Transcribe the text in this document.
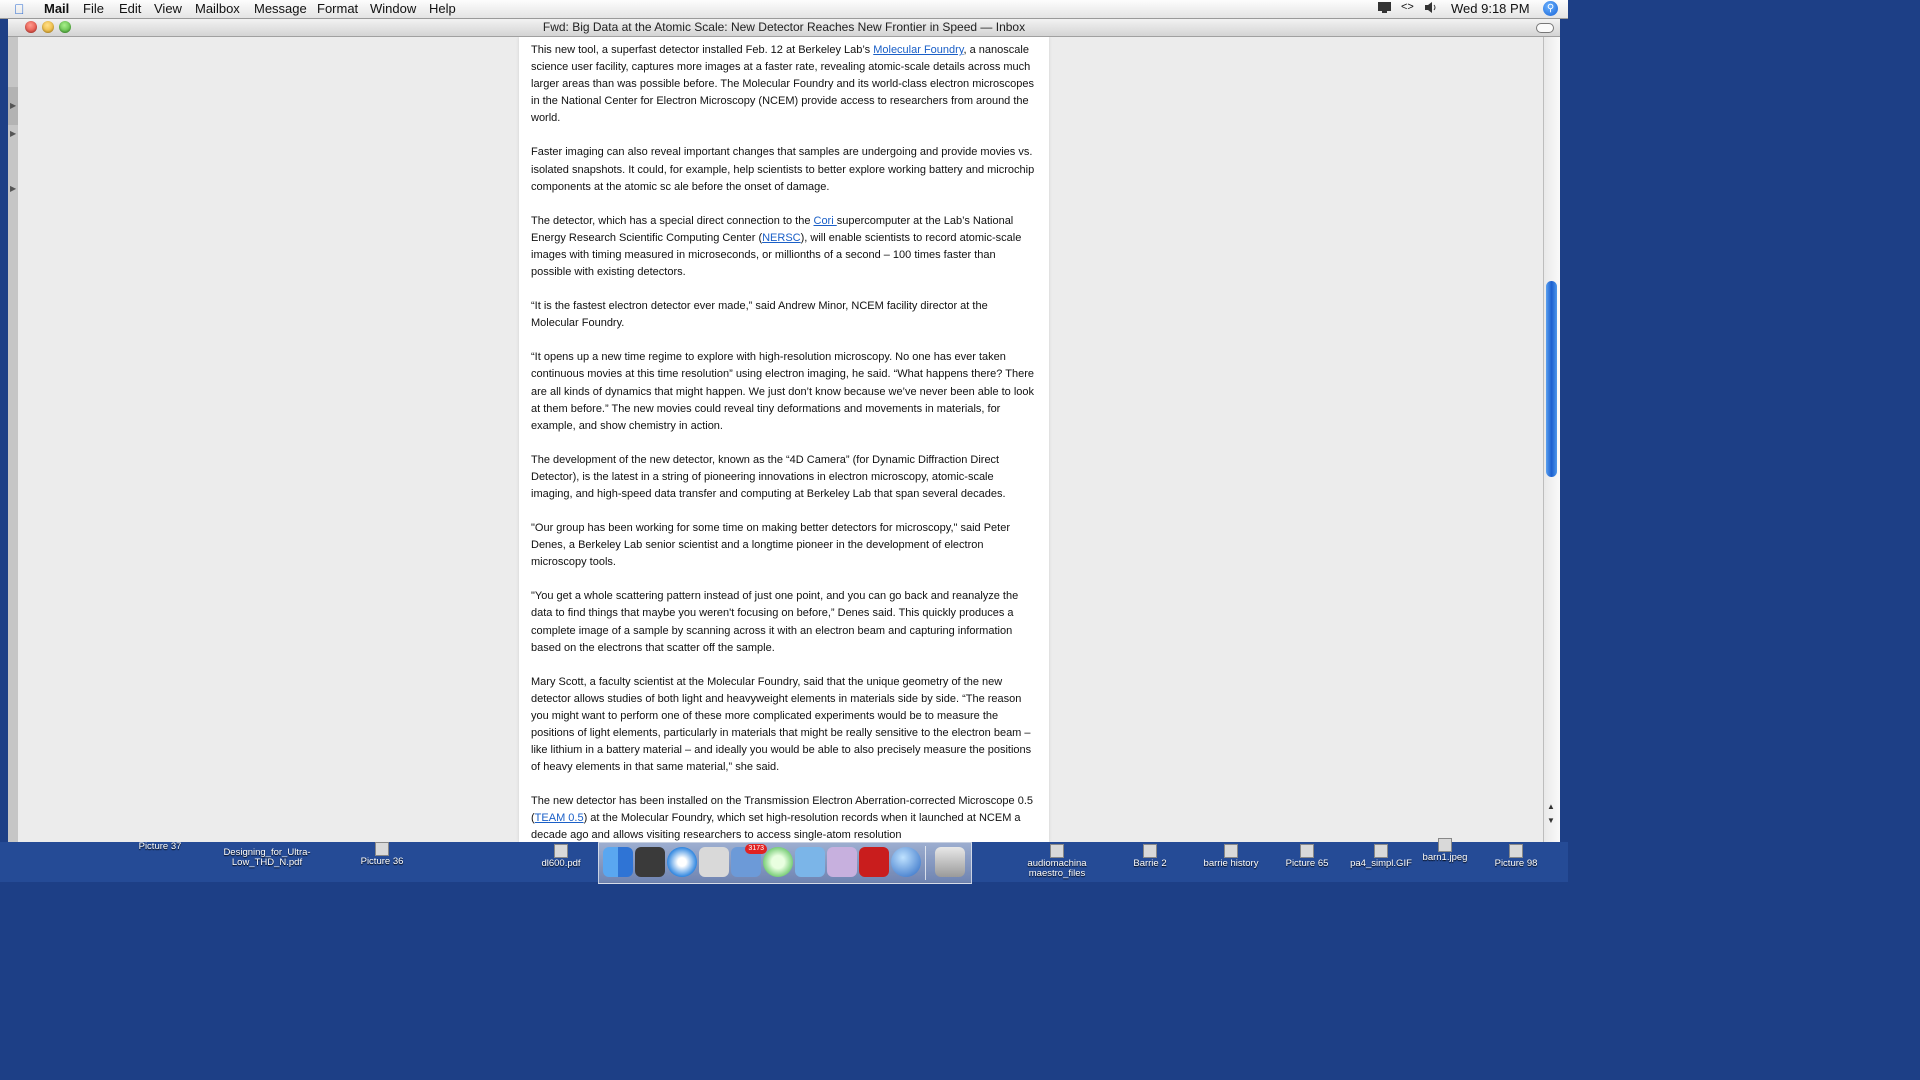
Mail File Edit View Mailbox Message Format Window Help	<>	Wed 9:18 PM	⚲
Fwd: Big Data at the Atomic Scale: New Detector Reaches New Frontier in Speed — Inbox
▶
▶
▶

This new tool, a superfast detector installed Feb. 12 at Berkeley Lab’s Molecular Foundry, a nanoscale science user facility, captures more images at a faster rate, revealing atomic-scale details across much larger areas than was possible before. The Molecular Foundry and its world-class electron microscopes in the National Center for Electron Microscopy (NCEM) provide access to researchers from around the world.

Faster imaging can also reveal important changes that samples are undergoing and provide movies vs. isolated snapshots. It could, for example, help scientists to better explore working battery and microchip components at the atomic sc ale before the onset of damage.

The detector, which has a special direct connection to the Cori supercomputer at the Lab’s National Energy Research Scientific Computing Center (NERSC), will enable scientists to record atomic-scale images with timing measured in microseconds, or millionths of a second – 100 times faster than possible with existing detectors.

“It is the fastest electron detector ever made,” said Andrew Minor, NCEM facility director at the Molecular Foundry.

“It opens up a new time regime to explore with high-resolution microscopy. No one has ever taken continuous movies at this time resolution” using electron imaging, he said. “What happens there? There are all kinds of dynamics that might happen. We just don’t know because we’ve never been able to look at them before.” The new movies could reveal tiny deformations and movements in materials, for example, and show chemistry in action.

The development of the new detector, known as the “4D Camera” (for Dynamic Diffraction Direct Detector), is the latest in a string of pioneering innovations in electron microscopy, atomic-scale imaging, and high-speed data transfer and computing at Berkeley Lab that span several decades.

"Our group has been working for some time on making better detectors for microscopy," said Peter Denes, a Berkeley Lab senior scientist and a longtime pioneer in the development of electron microscopy tools.

"You get a whole scattering pattern instead of just one point, and you can go back and reanalyze the data to find things that maybe you weren't focusing on before,” Denes said. This quickly produces a complete image of a sample by scanning across it with an electron beam and capturing information based on the electrons that scatter off the sample.

Mary Scott, a faculty scientist at the Molecular Foundry, said that the unique geometry of the new detector allows studies of both light and heavyweight elements in materials side by side. “The reason you might want to perform one of these more complicated experiments would be to measure the positions of light elements, particularly in materials that might be really sensitive to the electron beam – like lithium in a battery material – and ideally you would be able to also precisely measure the positions of heavy elements in that same material,” she said.

The new detector has been installed on the Transmission Electron Aberration-corrected Microscope 0.5 (TEAM 0.5) at the Molecular Foundry, which set high-resolution records when it launched at NCEM a decade ago and allows visiting researchers to access single-atom resolution

▲
▼
Picture 37
Designing_for_Ultra-
Low_THD_N.pdf	Picture 36	dl600.pdf	audiomachina
maestro_files
Barrie 2	barrie history	Picture 65	pa4_simpl.GIF
barn1.jpeg
Picture 98
3173
